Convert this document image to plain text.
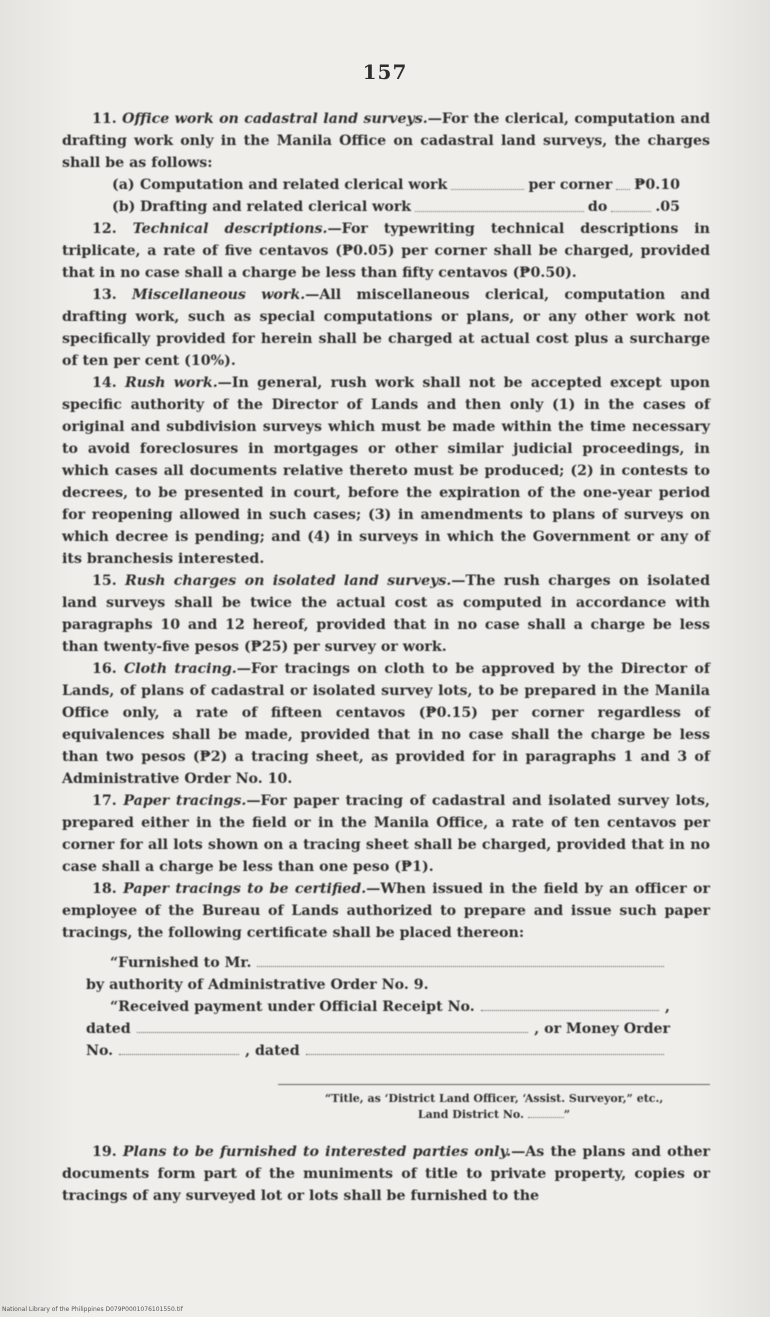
157

11. Office work on cadastral land surveys.—For the clerical, computation and drafting work only in the Manila Office on cadastral land surveys, the charges shall be as follows:

(a) Computation and related clerical work	per corner ₱0.10
(b) Drafting and related clerical work	do	.05

12. Technical descriptions.—For typewriting technical descriptions in triplicate, a rate of five centavos (₱0.05) per corner shall be charged, provided that in no case shall a charge be less than fifty centavos (₱0.50).

13. Miscellaneous work.—All miscellaneous clerical, computation and drafting work, such as special computations or plans, or any other work not specifically provided for herein shall be charged at actual cost plus a surcharge of ten per cent (10%).

14. Rush work.—In general, rush work shall not be accepted except upon specific authority of the Director of Lands and then only (1) in the cases of original and subdivision surveys which must be made within the time necessary to avoid foreclosures in mortgages or other similar judicial proceedings, in which cases all documents relative thereto must be produced; (2) in contests to decrees, to be presented in court, before the expiration of the one-year period for reopening allowed in such cases; (3) in amendments to plans of surveys on which decree is pending; and (4) in surveys in which the Government or any of its branchesis interested.

15. Rush charges on isolated land surveys.—The rush charges on isolated land surveys shall be twice the actual cost as computed in accordance with paragraphs 10 and 12 hereof, provided that in no case shall a charge be less than twenty-five pesos (₱25) per survey or work.

16. Cloth tracing.—For tracings on cloth to be approved by the Director of Lands, of plans of cadastral or isolated survey lots, to be prepared in the Manila Office only, a rate of fifteen centavos (₱0.15) per corner regardless of equivalences shall be made, provided that in no case shall the charge be less than two pesos (₱2) a tracing sheet, as provided for in paragraphs 1 and 3 of Administrative Order No. 10.

17. Paper tracings.—For paper tracing of cadastral and isolated survey lots, prepared either in the field or in the Manila Office, a rate of ten centavos per corner for all lots shown on a tracing sheet shall be charged, provided that in no case shall a charge be less than one peso (₱1).

18. Paper tracings to be certified.—When issued in the field by an officer or employee of the Bureau of Lands authorized to prepare and issue such paper tracings, the following certificate shall be placed thereon:

“Furnished to Mr.
by authority of Administrative Order No. 9.
“Received payment under Official Receipt No.	,
dated	, or Money Order
No.	, dated
“Title, as ‘District Land Officer, ‘Assist. Surveyor,” etc.,
Land District No.	”

19. Plans to be furnished to interested parties only.—As the plans and other documents form part of the muniments of title to private property, copies or tracings of any surveyed lot or lots shall be furnished to the

National Library of the Philippines D079P0001076101550.tif
